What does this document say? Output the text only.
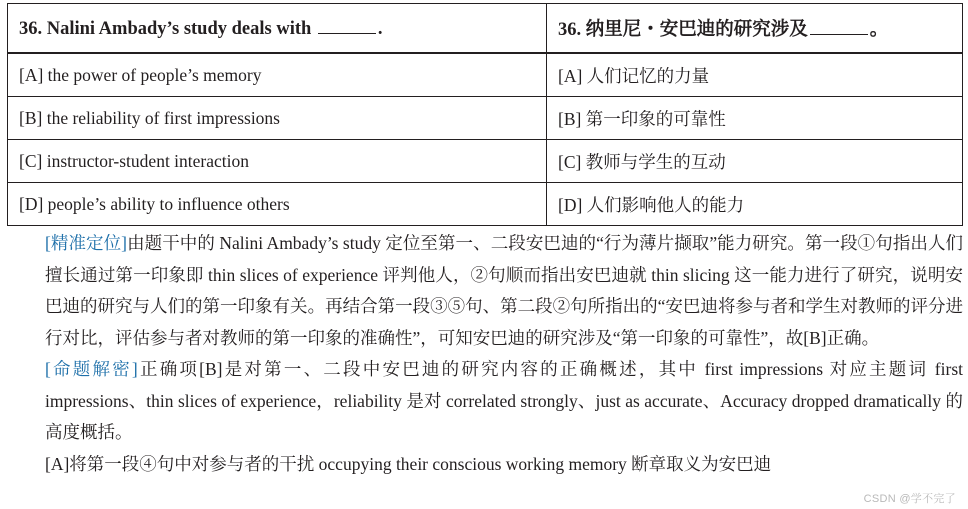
36. Nalini Ambady’s study deals with .	36. 纳里尼・安巴迪的研究涉及 。
[A] the power of people’s memory	[A] 人们记忆的力量
[B] the reliability of first impressions	[B] 第一印象的可靠性
[C] instructor-student interaction	[C] 教师与学生的互动
[D] people’s ability to influence others	[D] 人们影响他人的能力

[精准定位]由题干中的 Nalini Ambady’s study 定位至第一、二段安巴迪的“行为薄片撷取”能力研究。第一段①句指出人们擅长通过第一印象即 thin slices of experience 评判他人，②句顺而指出安巴迪就 thin slicing 这一能力进行了研究，说明安巴迪的研究与人们的第一印象有关。再结合第一段③⑤句、第二段②句所指出的“安巴迪将参与者和学生对教师的评分进行对比，评估参与者对教师的第一印象的准确性”，可知安巴迪的研究涉及“第一印象的可靠性”，故[B]正确。

[命题解密]正确项[B]是对第一、二段中安巴迪的研究内容的正确概述，其中 first impressions 对应主题词 first impressions、thin slices of experience，reliability 是对 correlated strongly、just as accurate、Accuracy dropped dramatically 的高度概括。

[A]将第一段④句中对参与者的干扰 occupying their conscious working memory 断章取义为安巴迪

CSDN @学不完了
